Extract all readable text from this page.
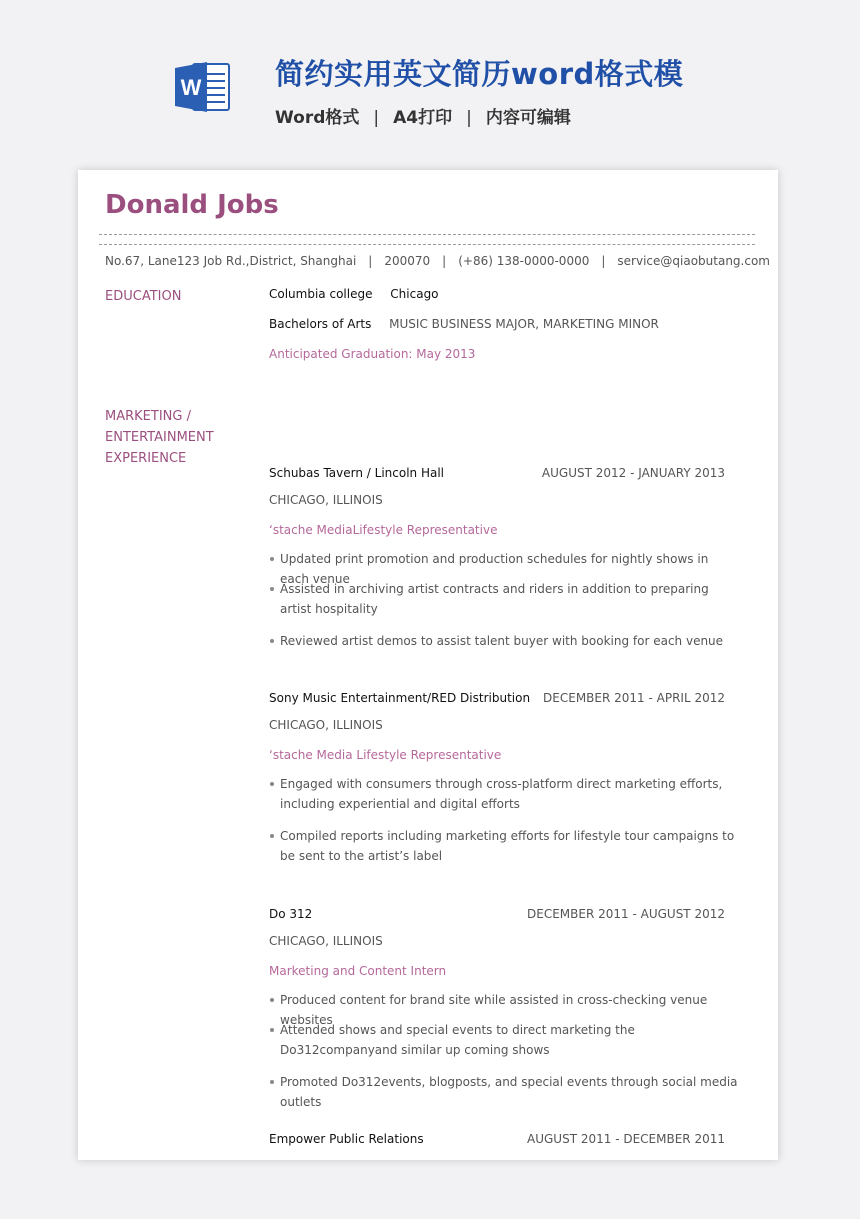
W	简约实用英文简历word格式模
Word格式 | A4打印 | 内容可编辑
Donald Jobs
No.67, Lane123 Job Rd.,District, Shanghai | 200070 | (+86) 138-0000-0000 | service@qiaobutang.com
EDUCATION	Columbia college Chicago
Bachelors of Arts MUSIC BUSINESS MAJOR, MARKETING MINOR
Anticipated Graduation: May 2013
MARKETING / ENTERTAINMENT EXPERIENCE
Schubas Tavern / Lincoln Hall	AUGUST 2012 - JANUARY 2013
CHICAGO, ILLINOIS
‘stache MediaLifestyle Representative
Updated print promotion and production schedules for nightly shows in each venue
Assisted in archiving artist contracts and riders in addition to preparing artist hospitality
Reviewed artist demos to assist talent buyer with booking for each venue
Sony Music Entertainment/RED Distribution DECEMBER 2011 - APRIL 2012
CHICAGO, ILLINOIS
‘stache Media Lifestyle Representative
Engaged with consumers through cross-platform direct marketing efforts, including experiential and digital efforts
Compiled reports including marketing efforts for lifestyle tour campaigns to be sent to the artist’s label
Do 312	DECEMBER 2011 - AUGUST 2012
CHICAGO, ILLINOIS
Marketing and Content Intern
Produced content for brand site while assisted in cross-checking venue websites
Attended shows and special events to direct marketing the Do312companyand similar up coming shows
Promoted Do312events, blogposts, and special events through social media outlets
Empower Public Relations	AUGUST 2011 - DECEMBER 2011
